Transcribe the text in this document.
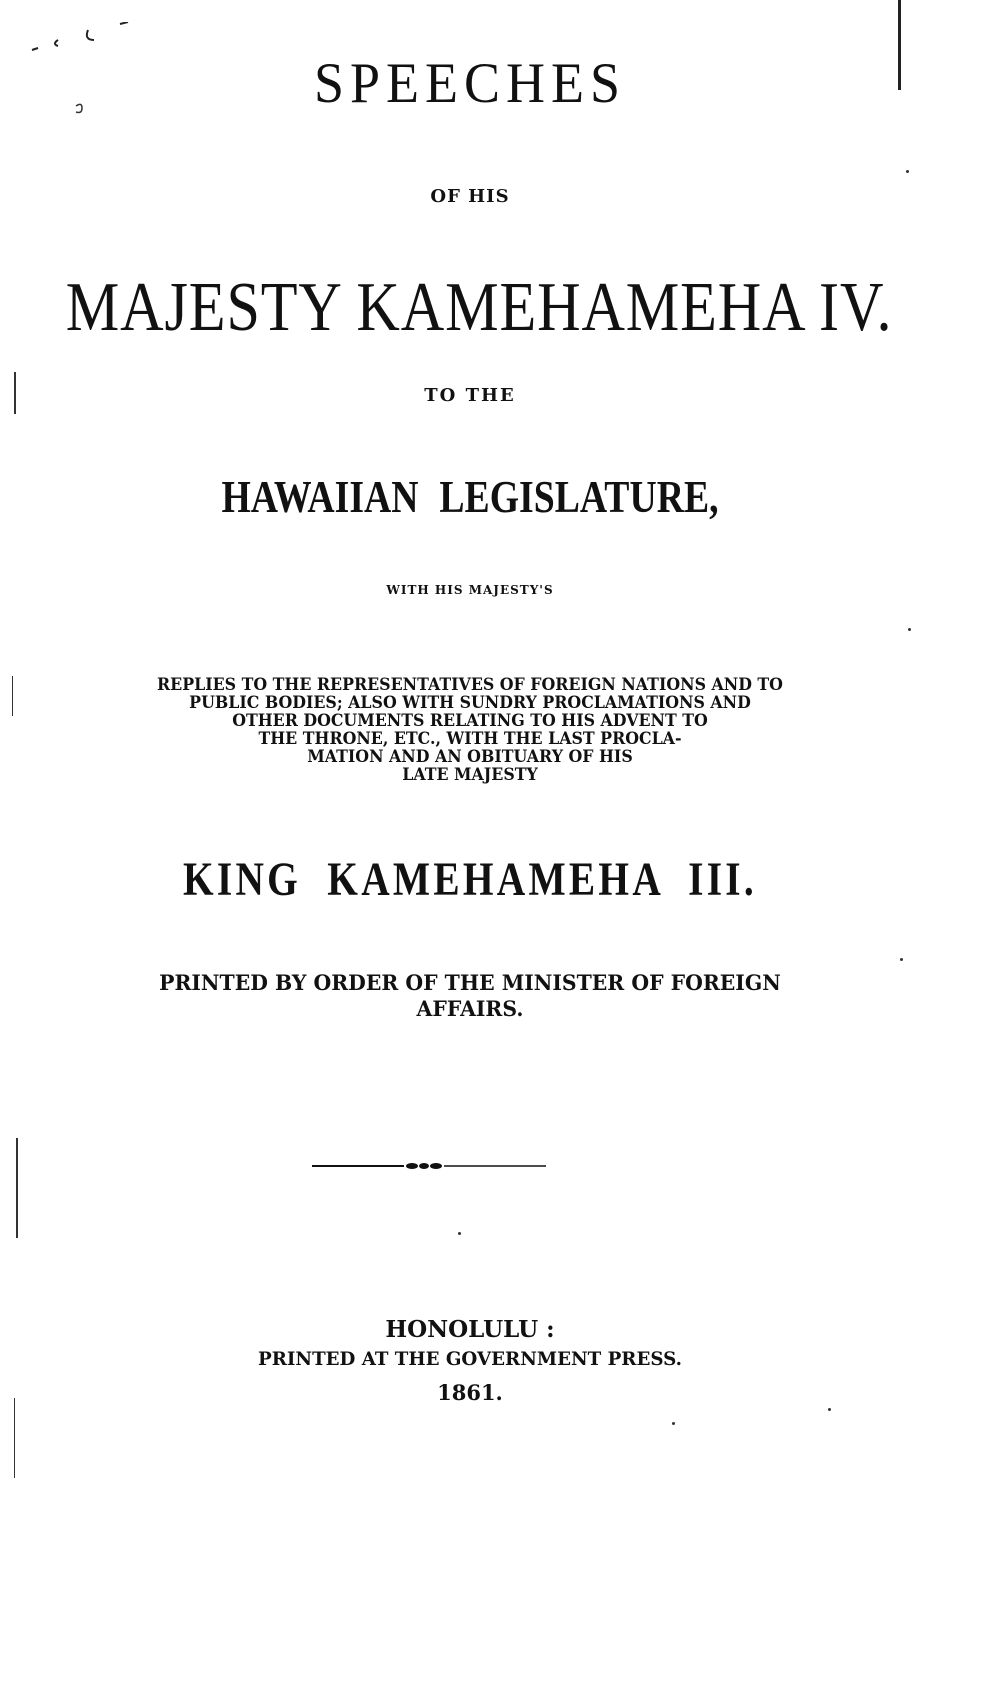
SPEECHES
OF HIS
MAJESTY KAMEHAMEHA IV.
TO THE
HAWAIIAN LEGISLATURE,
WITH HIS MAJESTY'S
REPLIES TO THE REPRESENTATIVES OF FOREIGN NATIONS AND TO
PUBLIC BODIES; ALSO WITH SUNDRY PROCLAMATIONS AND
OTHER DOCUMENTS RELATING TO HIS ADVENT TO
THE THRONE, ETC., WITH THE LAST PROCLA-
MATION AND AN OBITUARY OF HIS
LATE MAJESTY
KING KAMEHAMEHA III.
PRINTED BY ORDER OF THE MINISTER OF FOREIGN
AFFAIRS.
HONOLULU :
PRINTED AT THE GOVERNMENT PRESS.
1861.
